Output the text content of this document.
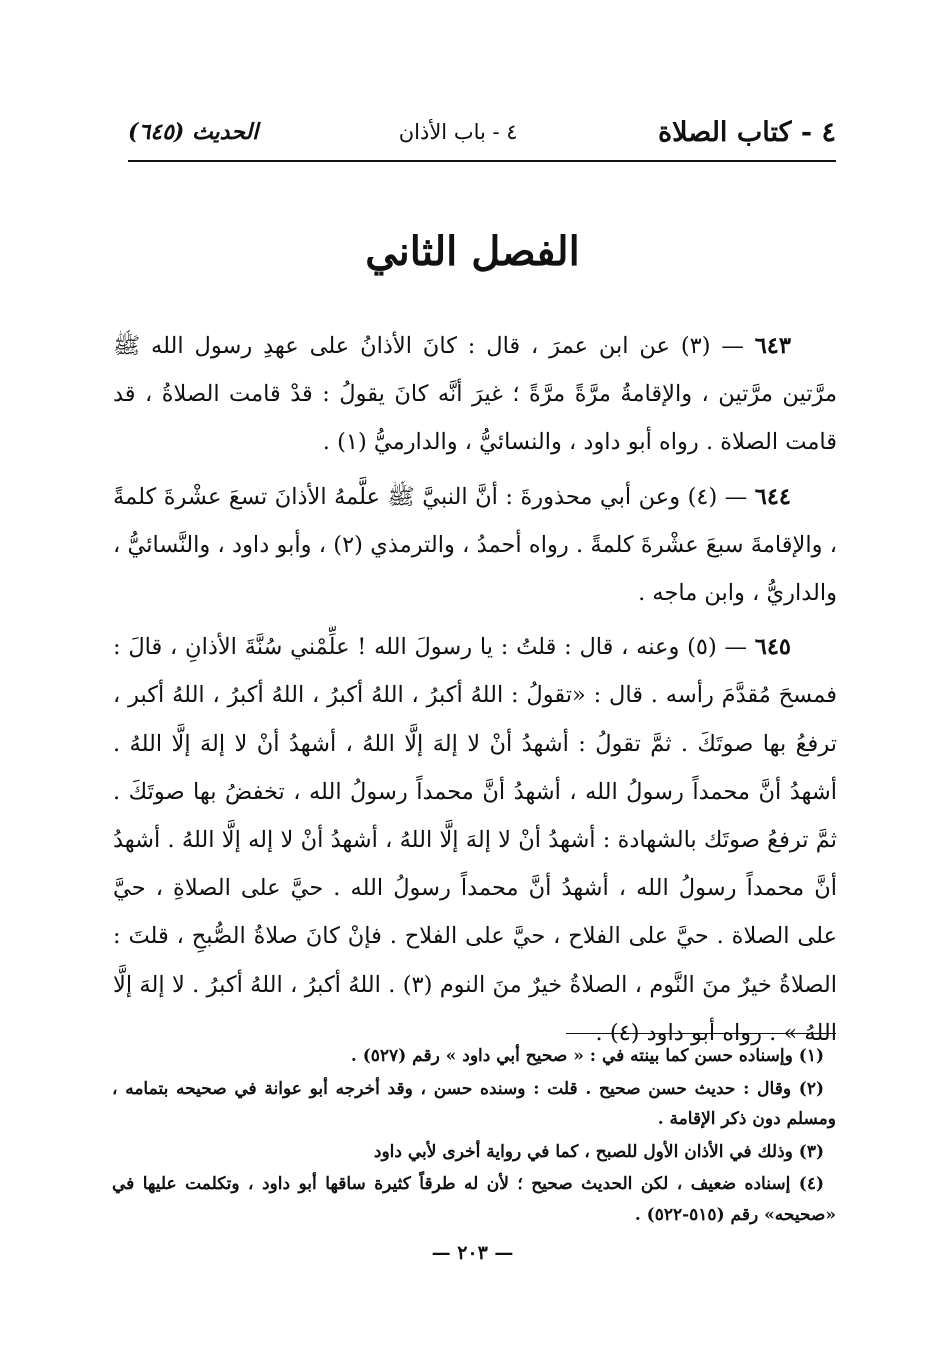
٤ - كتاب الصلاة
٤ - باب الأذان
الحديث (٦٤٥)
الفصل الثاني

٦٤٣ — (٣) عن ابن عمرَ ، قال : كانَ الأذانُ على عهدِ رسول الله ﷺ مرَّتين مرَّتين ، والإقامةُ مرَّةً مرَّةً ؛ غيرَ أنَّه كانَ يقولُ : قدْ قامت الصلاةُ ، قد قامت الصلاة . رواه أبو داود ، والنسائيُّ ، والدارميُّ (١) .

٦٤٤ — (٤) وعن أبي محذورةَ : أنَّ النبيَّ ﷺ علَّمهُ الأذانَ تسعَ عشْرةَ كلمةً ، والإقامةَ سبعَ عشْرةَ كلمةً . رواه أحمدُ ، والترمذي (٢) ، وأبو داود ، والنَّسائيُّ ، والداريُّ ، وابن ماجه .

٦٤٥ — (٥) وعنه ، قال : قلتُ : يا رسولَ الله ! علِّمْني سُنَّةَ الأذانِ ، قالَ : فمسحَ مُقدَّمَ رأسه . قال : «تقولُ : اللهُ أكبرُ ، اللهُ أكبرُ ، اللهُ أكبرُ ، اللهُ أكبر ، ترفعُ بها صوتَكَ . ثمَّ تقولُ : أشهدُ أنْ لا إلهَ إلَّا اللهُ ، أشهدُ أنْ لا إلهَ إلَّا اللهُ . أشهدُ أنَّ محمداً رسولُ الله ، أشهدُ أنَّ محمداً رسولُ الله ، تخفضُ بها صوتَكَ . ثمَّ ترفعُ صوتَك بالشهادة : أشهدُ أنْ لا إلهَ إلَّا اللهُ ، أشهدُ أنْ لا إله إلَّا اللهُ . أشهدُ أنَّ محمداً رسولُ الله ، أشهدُ أنَّ محمداً رسولُ الله . حيَّ على الصلاةِ ، حيَّ على الصلاة . حيَّ على الفلاح ، حيَّ على الفلاح . فإنْ كانَ صلاةُ الصُّبحِ ، قلتَ : الصلاةُ خيرٌ منَ النَّوم ، الصلاةُ خيرٌ منَ النوم (٣) . اللهُ أكبرُ ، اللهُ أكبرُ . لا إلهَ إلَّا اللهُ » . رواه أبو داود (٤) .

(١) وإسناده حسن كما بينته في : « صحيح أبي داود » رقم (٥٢٧) .

(٢) وقال : حديث حسن صحيح . قلت : وسنده حسن ، وقد أخرجه أبو عوانة في صحيحه بتمامه ، ومسلم دون ذكر الإقامة .

(٣) وذلك في الأذان الأول للصبح ، كما في رواية أخرى لأبي داود

(٤) إسناده ضعيف ، لكن الحديث صحيح ؛ لأن له طرقاً كثيرة ساقها أبو داود ، وتكلمت عليها في «صحيحه» رقم (٥١٥-٥٢٢) .

— ٢٠٣ —
